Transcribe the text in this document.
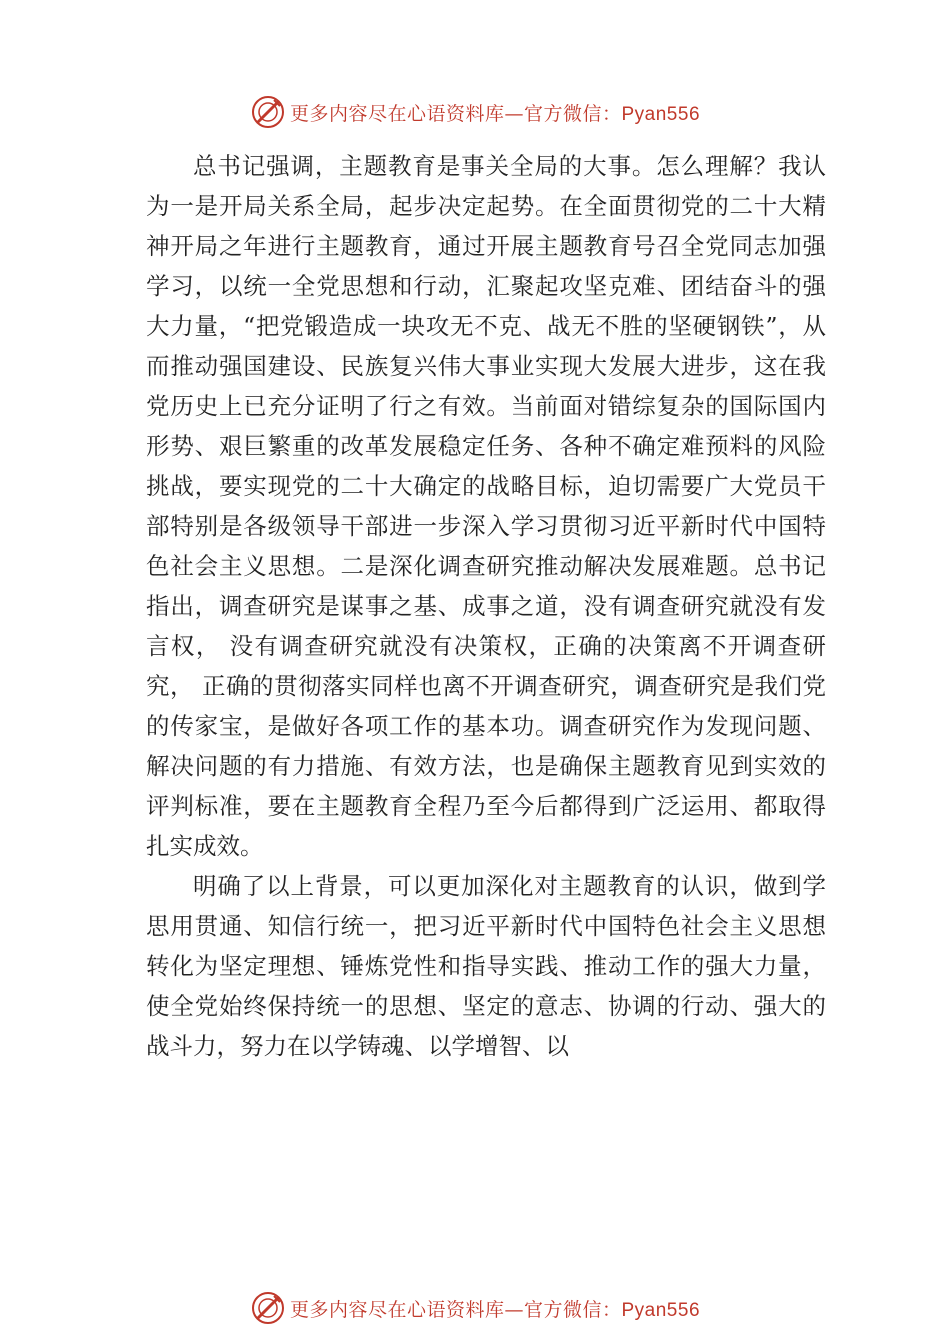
更多内容尽在心语资料库—官方微信：Pyan556

总书记强调，主题教育是事关全局的大事。怎么理解？我认为一是开局关系全局，起步决定起势。在全面贯彻党的二十大精神开局之年进行主题教育，通过开展主题教育号召全党同志加强学习，以统一全党思想和行动，汇聚起攻坚克难、团结奋斗的强大力量，“把党锻造成一块攻无不克、战无不胜的坚硬钢铁”，从而推动强国建设、民族复兴伟大事业实现大发展大进步，这在我党历史上已充分证明了行之有效。当前面对错综复杂的国际国内形势、艰巨繁重的改革发展稳定任务、各种不确定难预料的风险挑战，要实现党的二十大确定的战略目标，迫切需要广大党员干部特别是各级领导干部进一步深入学习贯彻习近平新时代中国特色社会主义思想。二是深化调查研究推动解决发展难题。总书记指出，调查研究是谋事之基、成事之道，没有调查研究就没有发言权， 没有调查研究就没有决策权，正确的决策离不开调查研究， 正确的贯彻落实同样也离不开调查研究，调查研究是我们党的传家宝，是做好各项工作的基本功。调查研究作为发现问题、解决问题的有力措施、有效方法，也是确保主题教育见到实效的评判标准，要在主题教育全程乃至今后都得到广泛运用、都取得扎实成效。

明确了以上背景，可以更加深化对主题教育的认识，做到学思用贯通、知信行统一，把习近平新时代中国特色社会主义思想转化为坚定理想、锤炼党性和指导实践、推动工作的强大力量，使全党始终保持统一的思想、坚定的意志、协调的行动、强大的战斗力，努力在以学铸魂、以学增智、以

更多内容尽在心语资料库—官方微信：Pyan556
